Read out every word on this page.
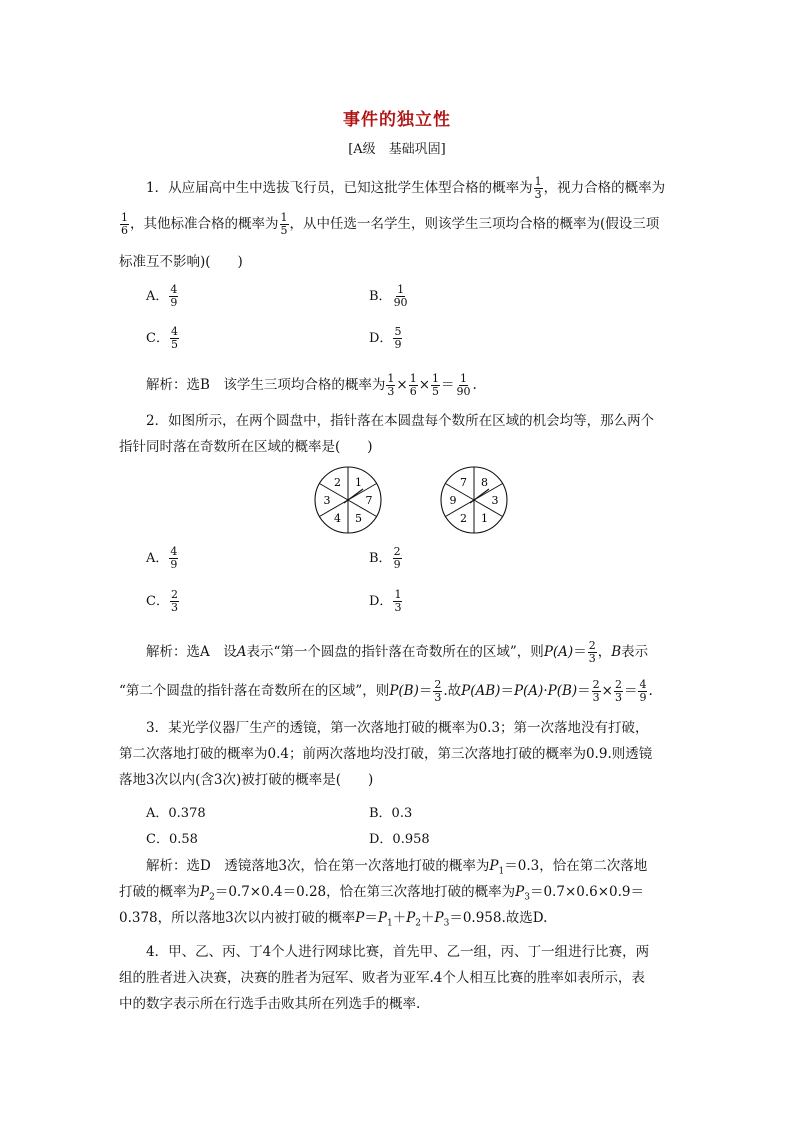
事件的独立性
[A级　基础巩固]
1．从应届高中生中选拔飞行员，已知这批学生体型合格的概率为 $\frac{1}{3}$ ，视力合格的概率为
$\frac{1}{6}$ ，其他标准合格的概率为 $\frac{1}{5}$ ，从中任选一名学生，则该学生三项均合格的概率为(假设三项
标准互不影响)(　　)
A． $\frac{4}{9}$	B． $\frac{1}{90}$
C． $\frac{4}{5}$	D． $\frac{5}{9}$
解析：选B　该学生三项均合格的概率为 $\frac{1}{3} \times \frac{1}{6} \times \frac{1}{5} = \frac{1}{90}$ .
2．如图所示，在两个圆盘中，指针落在本圆盘每个数所在区域的机会均等，那么两个
指针同时落在奇数所在区域的概率是(　　)
1
7
5
4
3
2	8
3
1
2
9
7
A． $\frac{4}{9}$	B． $\frac{2}{9}$
C． $\frac{2}{3}$	D． $\frac{1}{3}$
解析：选A　设A表示“第一个圆盘的指针落在奇数所在的区域”，则$P(A)= \frac{2}{3}$ ，B表示
“第二个圆盘的指针落在奇数所在的区域”，则$P(B)= \frac{2}{3}$ .故$P(AB)=P(A)\cdot P(B)= \frac{2}{3} \times \frac{2}{3} = \frac{4}{9}$ .
3．某光学仪器厂生产的透镜，第一次落地打破的概率为0.3；第一次落地没有打破，
第二次落地打破的概率为0.4；前两次落地均没打破，第三次落地打破的概率为0.9.则透镜
落地3次以内(含3次)被打破的概率是(　　)
A．0.378	B．0.3
C．0.58	D．0.958
解析：选D　透镜落地3次，恰在第一次落地打破的概率为$P_1=0.3$，恰在第二次落地
打破的概率为$P_2=0.7\times 0.4=0.28$，恰在第三次落地打破的概率为$P_3=0.7\times 0.6\times 0.9=$
0.378，所以落地3次以内被打破的概率$P=P_1+P_2+P_3=0.958$.故选D.
4．甲、乙、丙、丁4个人进行网球比赛，首先甲、乙一组，丙、丁一组进行比赛，两
组的胜者进入决赛，决赛的胜者为冠军、败者为亚军.4个人相互比赛的胜率如表所示，表
中的数字表示所在行选手击败其所在列选手的概率.
